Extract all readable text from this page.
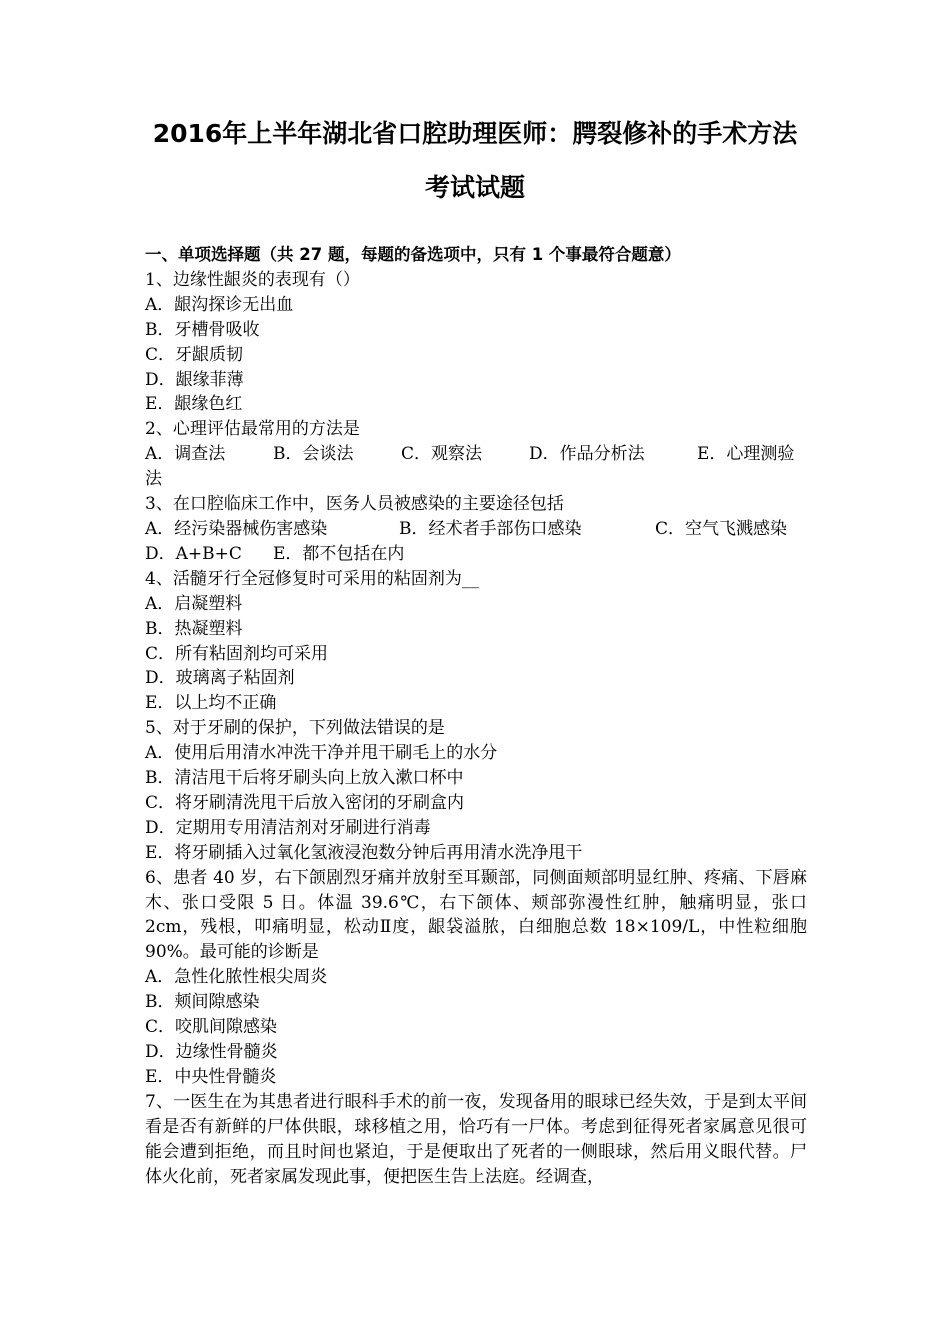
2016年上半年湖北省口腔助理医师：腭裂修补的手术方法
考试试题

一、单项选择题（共 27 题，每题的备选项中，只有 1 个事最符合题意）

1、边缘性龈炎的表现有（）

A．龈沟探诊无出血

B．牙槽骨吸收

C．牙龈质韧

D．龈缘菲薄

E．龈缘色红

2、心理评估最常用的方法是

A．调查法	B．会谈法	C．观察法	D．作品分析法	E．心理测验

法

3、在口腔临床工作中，医务人员被感染的主要途径包括

A．经污染器械伤害感染	B．经术者手部伤口感染	C．空气飞溅感染
D．A+B+C	E．都不包括在内

4、活髓牙行全冠修复时可采用的粘固剂为__

A．启凝塑料

B．热凝塑料

C．所有粘固剂均可采用

D．玻璃离子粘固剂

E．以上均不正确

5、对于牙刷的保护，下列做法错误的是

A．使用后用清水冲洗干净并甩干刷毛上的水分

B．清洁甩干后将牙刷头向上放入漱口杯中

C．将牙刷清洗甩干后放入密闭的牙刷盒内

D．定期用专用清洁剂对牙刷进行消毒

E．将牙刷插入过氧化氢液浸泡数分钟后再用清水洗净甩干

6、患者 40 岁，右下颌剧烈牙痛并放射至耳颞部，同侧面颊部明显红肿、疼痛、下唇麻木、张口受限 5 日。体温 39.6℃，右下颌体、颊部弥漫性红肿，触痛明显，张口 2cm，残根，叩痛明显，松动Ⅱ度，龈袋溢脓，白细胞总数 18×109/L，中性粒细胞 90%。最可能的诊断是

A．急性化脓性根尖周炎

B．颊间隙感染

C．咬肌间隙感染

D．边缘性骨髓炎

E．中央性骨髓炎

7、一医生在为其患者进行眼科手术的前一夜，发现备用的眼球已经失效，于是到太平间看是否有新鲜的尸体供眼，球移植之用，恰巧有一尸体。考虑到征得死者家属意见很可能会遭到拒绝，而且时间也紧迫，于是便取出了死者的一侧眼球，然后用义眼代替。尸体火化前，死者家属发现此事，便把医生告上法庭。经调查，
